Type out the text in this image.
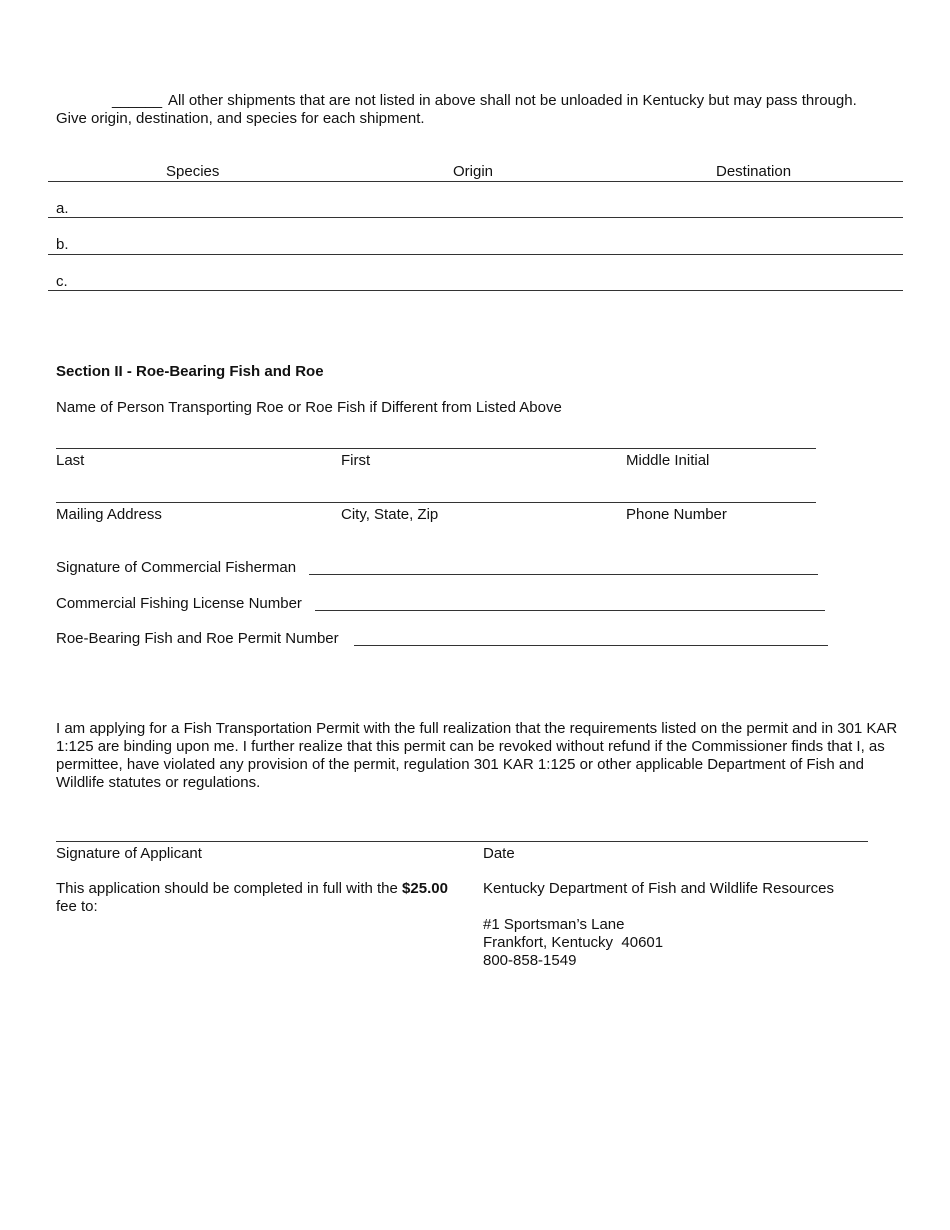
______ All other shipments that are not listed in above shall not be unloaded in Kentucky but may pass through.
Give origin, destination, and species for each shipment.
Species	Origin	Destination
a.
b.
c.
Section II - Roe-Bearing Fish and Roe
Name of Person Transporting Roe or Roe Fish if Different from Listed Above
Last	First	Middle Initial
Mailing Address	City, State, Zip	Phone Number
Signature of Commercial Fisherman
Commercial Fishing License Number
Roe-Bearing Fish and Roe Permit Number
I am applying for a Fish Transportation Permit with the full realization that the requirements listed on the permit and in 301 KAR 1:125 are binding upon me. I further realize that this permit can be revoked without refund if the Commissioner finds that I, as permittee, have violated any provision of the permit, regulation 301 KAR 1:125 or other applicable Department of Fish and Wildlife statutes or regulations.
Signature of Applicant	Date
This application should be completed in full with the $25.00 fee to:
Kentucky Department of Fish and Wildlife Resources
#1 Sportsman’s Lane
Frankfort, Kentucky  40601
800-858-1549
